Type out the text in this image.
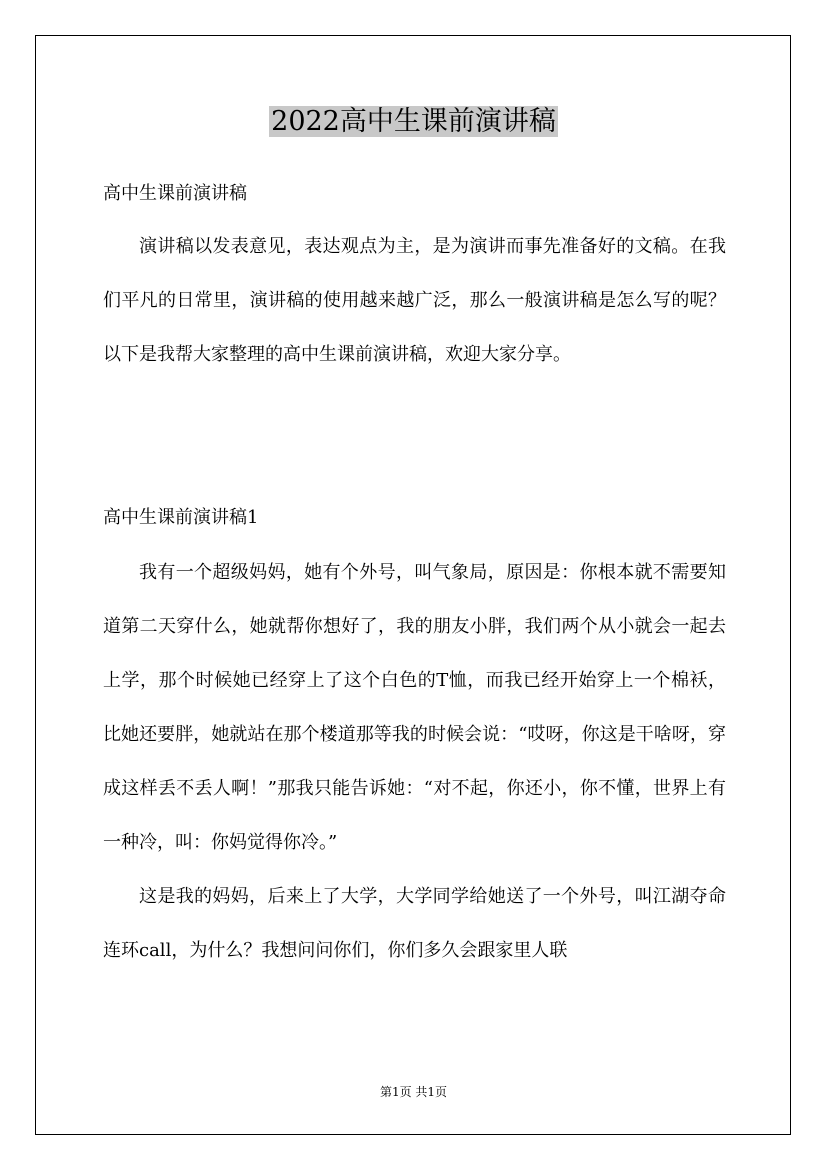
2022高中生课前演讲稿
高中生课前演讲稿

演讲稿以发表意见，表达观点为主，是为演讲而事先准备好的文稿。在我们平凡的日常里，演讲稿的使用越来越广泛，那么一般演讲稿是怎么写的呢？以下是我帮大家整理的高中生课前演讲稿，欢迎大家分享。

高中生课前演讲稿1

我有一个超级妈妈，她有个外号，叫气象局，原因是：你根本就不需要知道第二天穿什么，她就帮你想好了，我的朋友小胖，我们两个从小就会一起去上学，那个时候她已经穿上了这个白色的T恤，而我已经开始穿上一个棉袄，比她还要胖，她就站在那个楼道那等我的时候会说：“哎呀，你这是干啥呀，穿成这样丢不丢人啊！”那我只能告诉她：“对不起，你还小，你不懂，世界上有一种冷，叫：你妈觉得你冷。”

这是我的妈妈，后来上了大学，大学同学给她送了一个外号，叫江湖夺命连环call，为什么？我想问问你们，你们多久会跟家里人联

第1页 共1页
